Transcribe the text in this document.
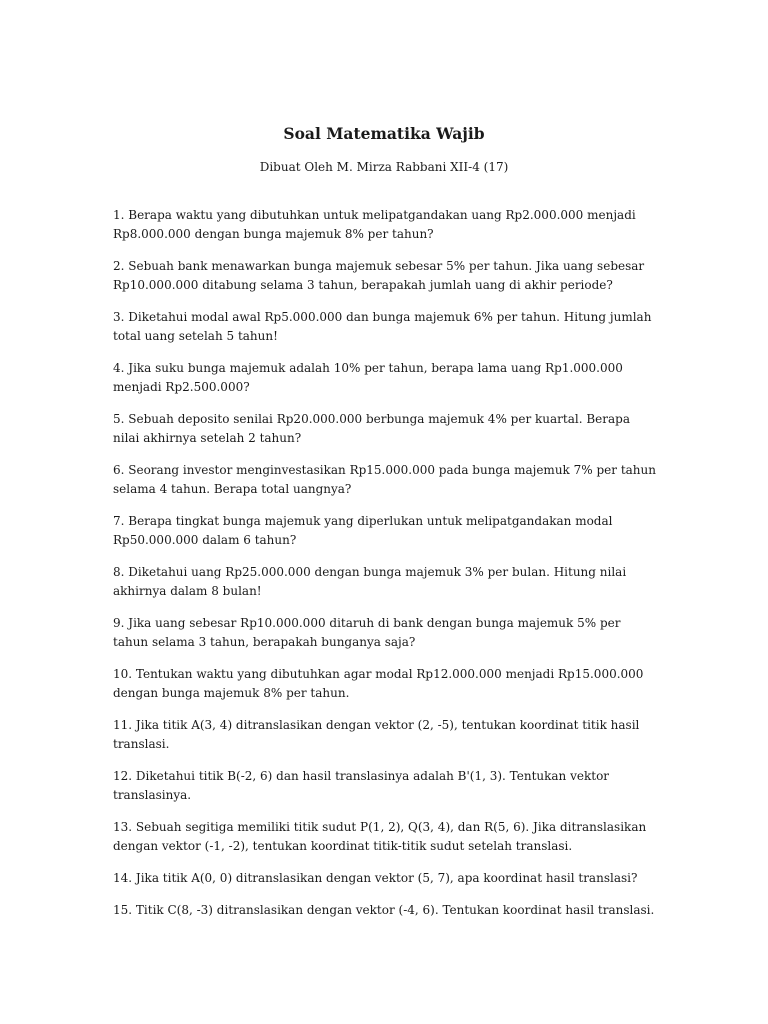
Soal Matematika Wajib

Dibuat Oleh M. Mirza Rabbani XII-4 (17)

1. Berapa waktu yang dibutuhkan untuk melipatgandakan uang Rp2.000.000 menjadi Rp8.000.000 dengan bunga majemuk 8% per tahun?
2. Sebuah bank menawarkan bunga majemuk sebesar 5% per tahun. Jika uang sebesar Rp10.000.000 ditabung selama 3 tahun, berapakah jumlah uang di akhir periode?
3. Diketahui modal awal Rp5.000.000 dan bunga majemuk 6% per tahun. Hitung jumlah total uang setelah 5 tahun!
4. Jika suku bunga majemuk adalah 10% per tahun, berapa lama uang Rp1.000.000 menjadi Rp2.500.000?
5. Sebuah deposito senilai Rp20.000.000 berbunga majemuk 4% per kuartal. Berapa nilai akhirnya setelah 2 tahun?
6. Seorang investor menginvestasikan Rp15.000.000 pada bunga majemuk 7% per tahun selama 4 tahun. Berapa total uangnya?
7. Berapa tingkat bunga majemuk yang diperlukan untuk melipatgandakan modal Rp50.000.000 dalam 6 tahun?
8. Diketahui uang Rp25.000.000 dengan bunga majemuk 3% per bulan. Hitung nilai akhirnya dalam 8 bulan!
9. Jika uang sebesar Rp10.000.000 ditaruh di bank dengan bunga majemuk 5% per tahun selama 3 tahun, berapakah bunganya saja?
10. Tentukan waktu yang dibutuhkan agar modal Rp12.000.000 menjadi Rp15.000.000 dengan bunga majemuk 8% per tahun.
11. Jika titik A(3, 4) ditranslasikan dengan vektor (2, -5), tentukan koordinat titik hasil translasi.
12. Diketahui titik B(-2, 6) dan hasil translasinya adalah B'(1, 3). Tentukan vektor translasinya.
13. Sebuah segitiga memiliki titik sudut P(1, 2), Q(3, 4), dan R(5, 6). Jika ditranslasikan dengan vektor (-1, -2), tentukan koordinat titik-titik sudut setelah translasi.
14. Jika titik A(0, 0) ditranslasikan dengan vektor (5, 7), apa koordinat hasil translasi?
15. Titik C(8, -3) ditranslasikan dengan vektor (-4, 6). Tentukan koordinat hasil translasi.
